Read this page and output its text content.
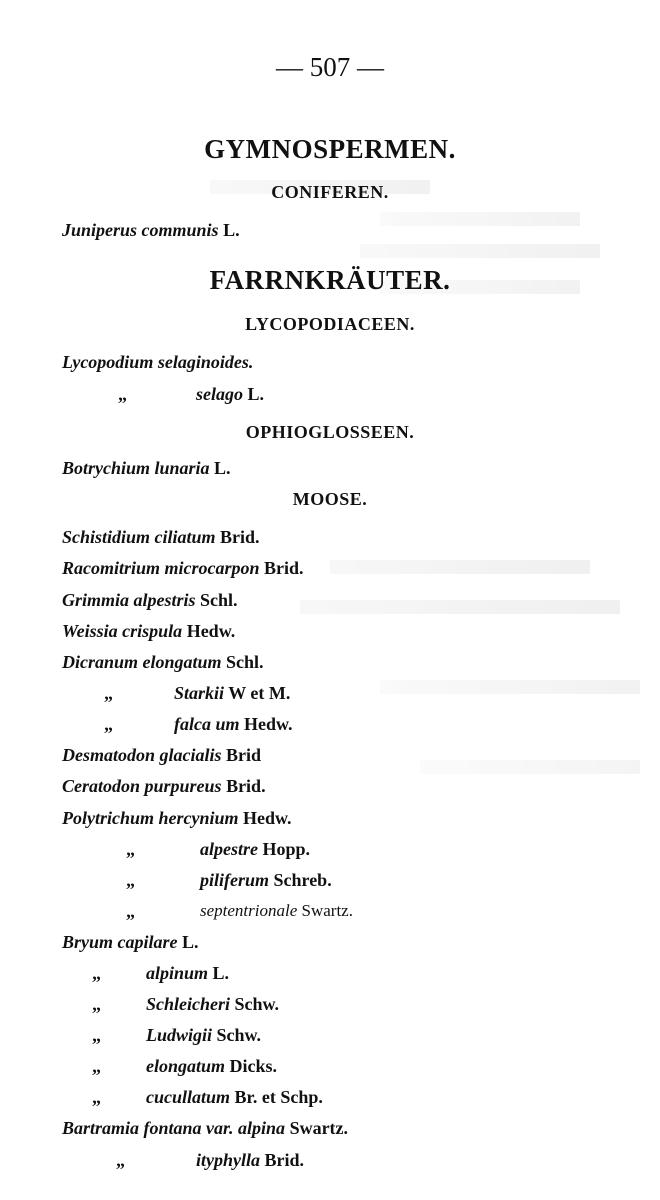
— 507 —
GYMNOSPERMEN.
CONIFEREN.
Juniperus communis L.
FARRNKRÄUTER.
LYCOPODIACEEN.
Lycopodium selaginoides.
„	selago L.
OPHIOGLOSSEEN.
Botrychium lunaria L.
MOOSE.
Schistidium ciliatum Brid.
Racomitrium microcarpon Brid.
Grimmia alpestris Schl.
Weissia crispula Hedw.
Dicranum elongatum Schl.
„	Starkii W et M.
„	falca um Hedw.
Desmatodon glacialis Brid
Ceratodon purpureus Brid.
Polytrichum hercynium Hedw.
„	alpestre Hopp.
„	piliferum Schreb.
„	septentrionale Swartz.
Bryum capilare L.
„	alpinum L.
„	Schleicheri Schw.
„	Ludwigii Schw.
„	elongatum Dicks.
„	cucullatum Br. et Schp.
Bartramia fontana var. alpina Swartz.
„	ityphylla Brid.
